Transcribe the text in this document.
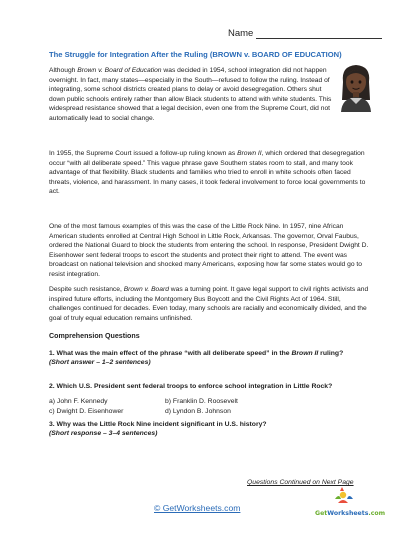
Name
The Struggle for Integration After the Ruling (BROWN v. BOARD OF EDUCATION)

Although Brown v. Board of Education was decided in 1954, school integration did not happen overnight. In fact, many states—especially in the South—refused to follow the ruling. Instead of integrating, some school districts created plans to delay or avoid desegregation. Others shut down public schools entirely rather than allow Black students to attend with white students. This widespread resistance showed that a legal decision, even one from the Supreme Court, did not automatically lead to social change.

In 1955, the Supreme Court issued a follow-up ruling known as Brown II, which ordered that desegregation occur “with all deliberate speed.” This vague phrase gave Southern states room to stall, and many took advantage of that flexibility. Black students and families who tried to enroll in white schools often faced threats, violence, and harassment. In many cases, it took federal involvement to force local governments to act.

One of the most famous examples of this was the case of the Little Rock Nine. In 1957, nine African American students enrolled at Central High School in Little Rock, Arkansas. The governor, Orval Faubus, ordered the National Guard to block the students from entering the school. In response, President Dwight D. Eisenhower sent federal troops to escort the students and protect their right to attend. The event was broadcast on national television and shocked many Americans, exposing how far some states would go to resist integration.

Despite such resistance, Brown v. Board was a turning point. It gave legal support to civil rights activists and inspired future efforts, including the Montgomery Bus Boycott and the Civil Rights Act of 1964. Still, challenges continued for decades. Even today, many schools are racially and economically divided, and the goal of truly equal education remains unfinished.

Comprehension Questions

1. What was the main effect of the phrase “with all deliberate speed” in the Brown II ruling?
(Short answer – 1–2 sentences)

2. Which U.S. President sent federal troops to enforce school integration in Little Rock?

a) John F. Kennedy	b) Franklin D. Roosevelt
c) Dwight D. Eisenhower	d) Lyndon B. Johnson

3. Why was the Little Rock Nine incident significant in U.S. history?
(Short response – 3–4 sentences)

Questions Continued on Next Page
© GetWorksheets.com
GetWorksheets.com
